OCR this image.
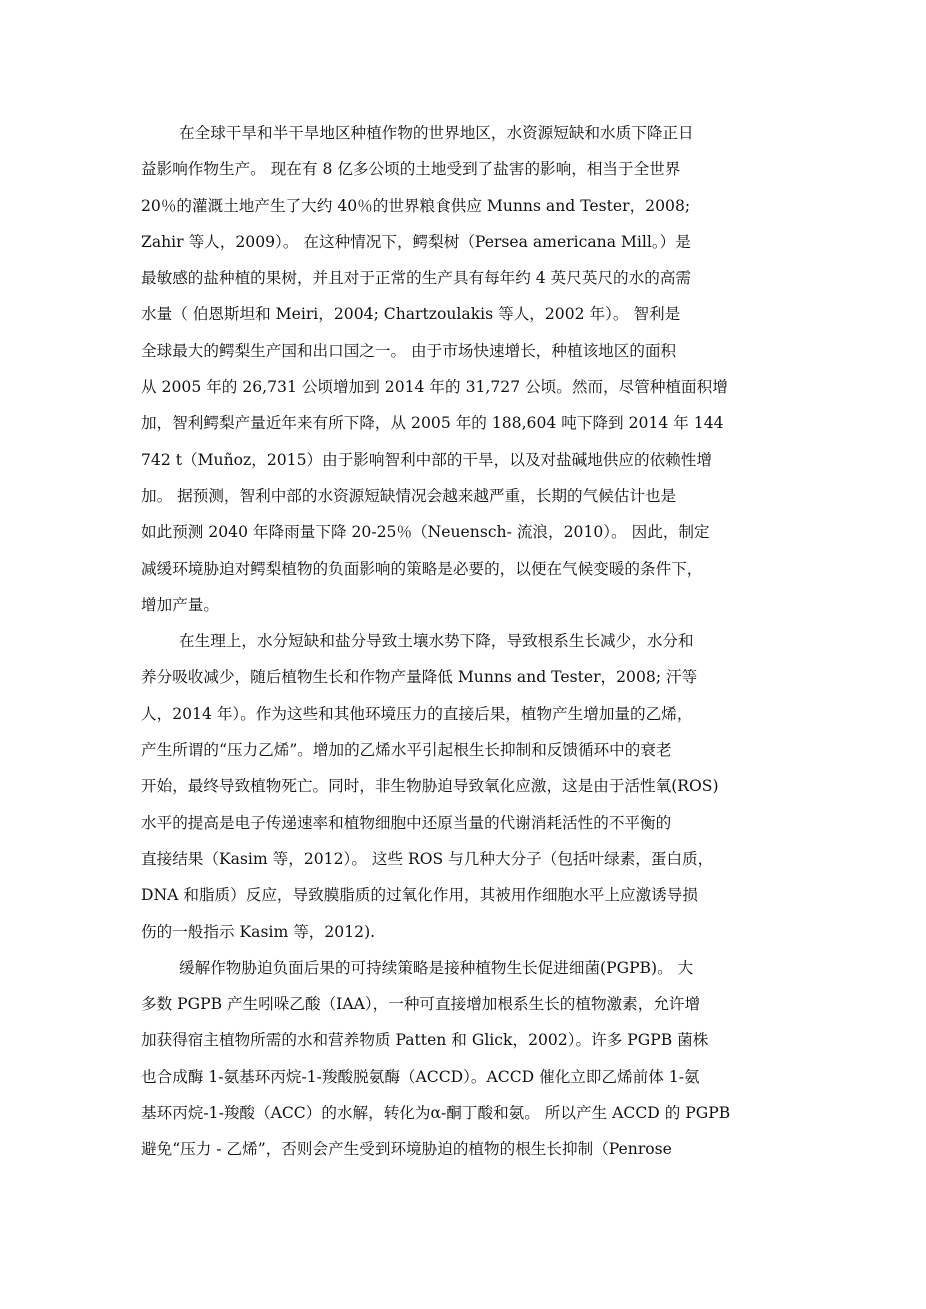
在全球干旱和半干旱地区种植作物的世界地区，水资源短缺和水质下降正日
益影响作物生产。 现在有 8 亿多公顷的土地受到了盐害的影响，相当于全世界
20％的灌溉土地产生了大约 40％的世界粮食供应 Munns and Tester，2008;
Zahir 等人，2009）。 在这种情况下，鳄梨树（Persea americana Mill。）是
最敏感的盐种植的果树，并且对于正常的生产具有每年约 4 英尺英尺的水的高需
水量（ 伯恩斯坦和 Meiri，2004; Chartzoulakis 等人，2002 年）。 智利是
全球最大的鳄梨生产国和出口国之一。 由于市场快速增长，种植该地区的面积
从 2005 年的 26,731 公顷增加到 2014 年的 31,727 公顷。然而，尽管种植面积增
加，智利鳄梨产量近年来有所下降，从 2005 年的 188,604 吨下降到 2014 年 144
742 t（Muñoz，2015）由于影响智利中部的干旱，以及对盐碱地供应的依赖性增
加。 据预测，智利中部的水资源短缺情况会越来越严重，长期的气候估计也是
如此预测 2040 年降雨量下降 20-25％（Neuensch- 流浪，2010）。 因此，制定
减缓环境胁迫对鳄梨植物的负面影响的策略是必要的，以便在气候变暖的条件下，
增加产量。
在生理上，水分短缺和盐分导致土壤水势下降，导致根系生长减少，水分和
养分吸收减少，随后植物生长和作物产量降低 Munns and Tester，2008; 汗等
人，2014 年）。作为这些和其他环境压力的直接后果，植物产生增加量的乙烯，
产生所谓的“压力乙烯”。增加的乙烯水平引起根生长抑制和反馈循环中的衰老
开始，最终导致植物死亡。同时，非生物胁迫导致氧化应激，这是由于活性氧(ROS)
水平的提高是电子传递速率和植物细胞中还原当量的代谢消耗活性的不平衡的
直接结果（Kasim 等，2012）。 这些 ROS 与几种大分子（包括叶绿素，蛋白质，
DNA 和脂质）反应，导致膜脂质的过氧化作用，其被用作细胞水平上应激诱导损
伤的一般指示 Kasim 等，2012).
缓解作物胁迫负面后果的可持续策略是接种植物生长促进细菌(PGPB)。 大
多数 PGPB 产生吲哚乙酸（IAA），一种可直接增加根系生长的植物激素，允许增
加获得宿主植物所需的水和营养物质 Patten 和 Glick，2002）。许多 PGPB 菌株
也合成酶 1-氨基环丙烷-1-羧酸脱氨酶（ACCD）。ACCD 催化立即乙烯前体 1-氨
基环丙烷-1-羧酸（ACC）的水解，转化为α-酮丁酸和氨。 所以产生 ACCD 的 PGPB
避免“压力 - 乙烯”，否则会产生受到环境胁迫的植物的根生长抑制（Penrose
